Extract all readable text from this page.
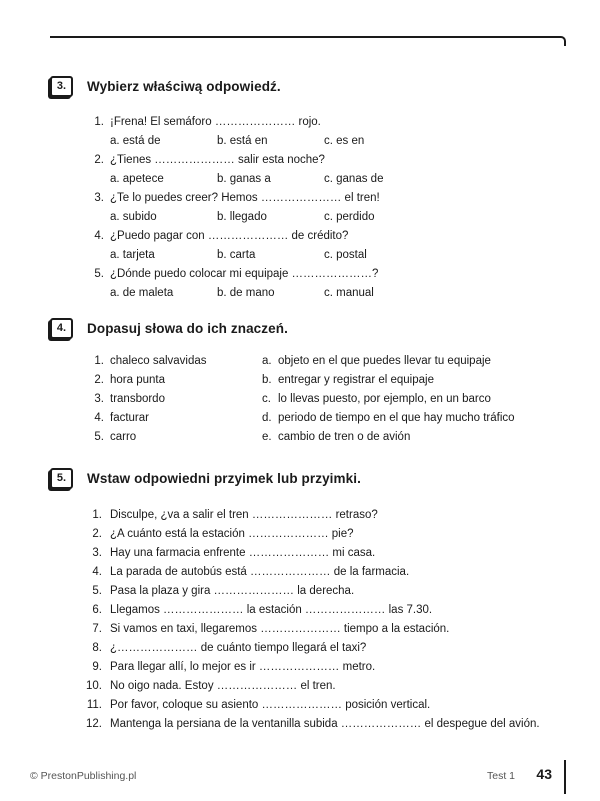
3.	Wybierz właściwą odpowiedź.
1. ¡Frena! El semáforo ………………… rojo.
a. está de	b. está en	c. es en
2. ¿Tienes ………………… salir esta noche?
a. apetece	b. ganas a	c. ganas de
3. ¿Te lo puedes creer? Hemos ………………… el tren!
a. subido	b. llegado	c. perdido
4. ¿Puedo pagar con ………………… de crédito?
a. tarjeta	b. carta	c. postal
5. ¿Dónde puedo colocar mi equipaje …………………?
a. de maleta	b. de mano	c. manual
4.	Dopasuj słowa do ich znaczeń.
1. chaleco salvavidas	a. objeto en el que puedes llevar tu equipaje
2. hora punta	b. entregar y registrar el equipaje
3. transbordo	c. lo llevas puesto, por ejemplo, en un barco
4. facturar	d. periodo de tiempo en el que hay mucho tráfico
5. carro	e. cambio de tren o de avión
5.	Wstaw odpowiedni przyimek lub przyimki.
1. Disculpe, ¿va a salir el tren ………………… retraso?
2. ¿A cuánto está la estación ………………… pie?
3. Hay una farmacia enfrente ………………… mi casa.
4. La parada de autobús está ………………… de la farmacia.
5. Pasa la plaza y gira ………………… la derecha.
6. Llegamos ………………… la estación ………………… las 7.30.
7. Si vamos en taxi, llegaremos ………………… tiempo a la estación.
8. ¿………………… de cuánto tiempo llegará el taxi?
9. Para llegar allí, lo mejor es ir ………………… metro.
10. No oigo nada. Estoy ………………… el tren.
11. Por favor, coloque su asiento ………………… posición vertical.
12. Mantenga la persiana de la ventanilla subida ………………… el despegue del avión.
© PrestonPublishing.pl	Test 1 43
